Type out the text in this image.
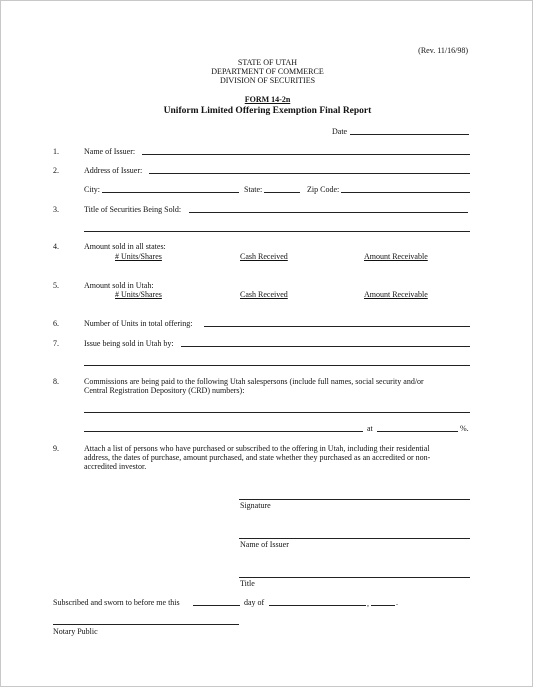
(Rev. 11/16/98)
STATE OF UTAH
DEPARTMENT OF COMMERCE
DIVISION OF SECURITIES
FORM 14-2n
Uniform Limited Offering Exemption Final Report
Date
1.	Name of Issuer:
2.	Address of Issuer:
City:	State:	Zip Code:
3.	Title of Securities Being Sold:
4.	Amount sold in all states:
# Units/Shares	Cash Received	Amount Receivable
5.	Amount sold in Utah:
# Units/Shares	Cash Received	Amount Receivable
6.	Number of Units in total offering:
7.	Issue being sold in Utah by:
8.	Commissions are being paid to the following Utah salespersons (include full names, social security and/or
Central Registration Depository (CRD) numbers):
at	%.
9.	Attach a list of persons who have purchased or subscribed to the offering in Utah, including their residential
address, the dates of purchase, amount purchased, and state whether they purchased as an accredited or non-
accredited investor.
Signature
Name of Issuer
Title
Subscribed and sworn to before me this	day of	,	.
Notary Public
